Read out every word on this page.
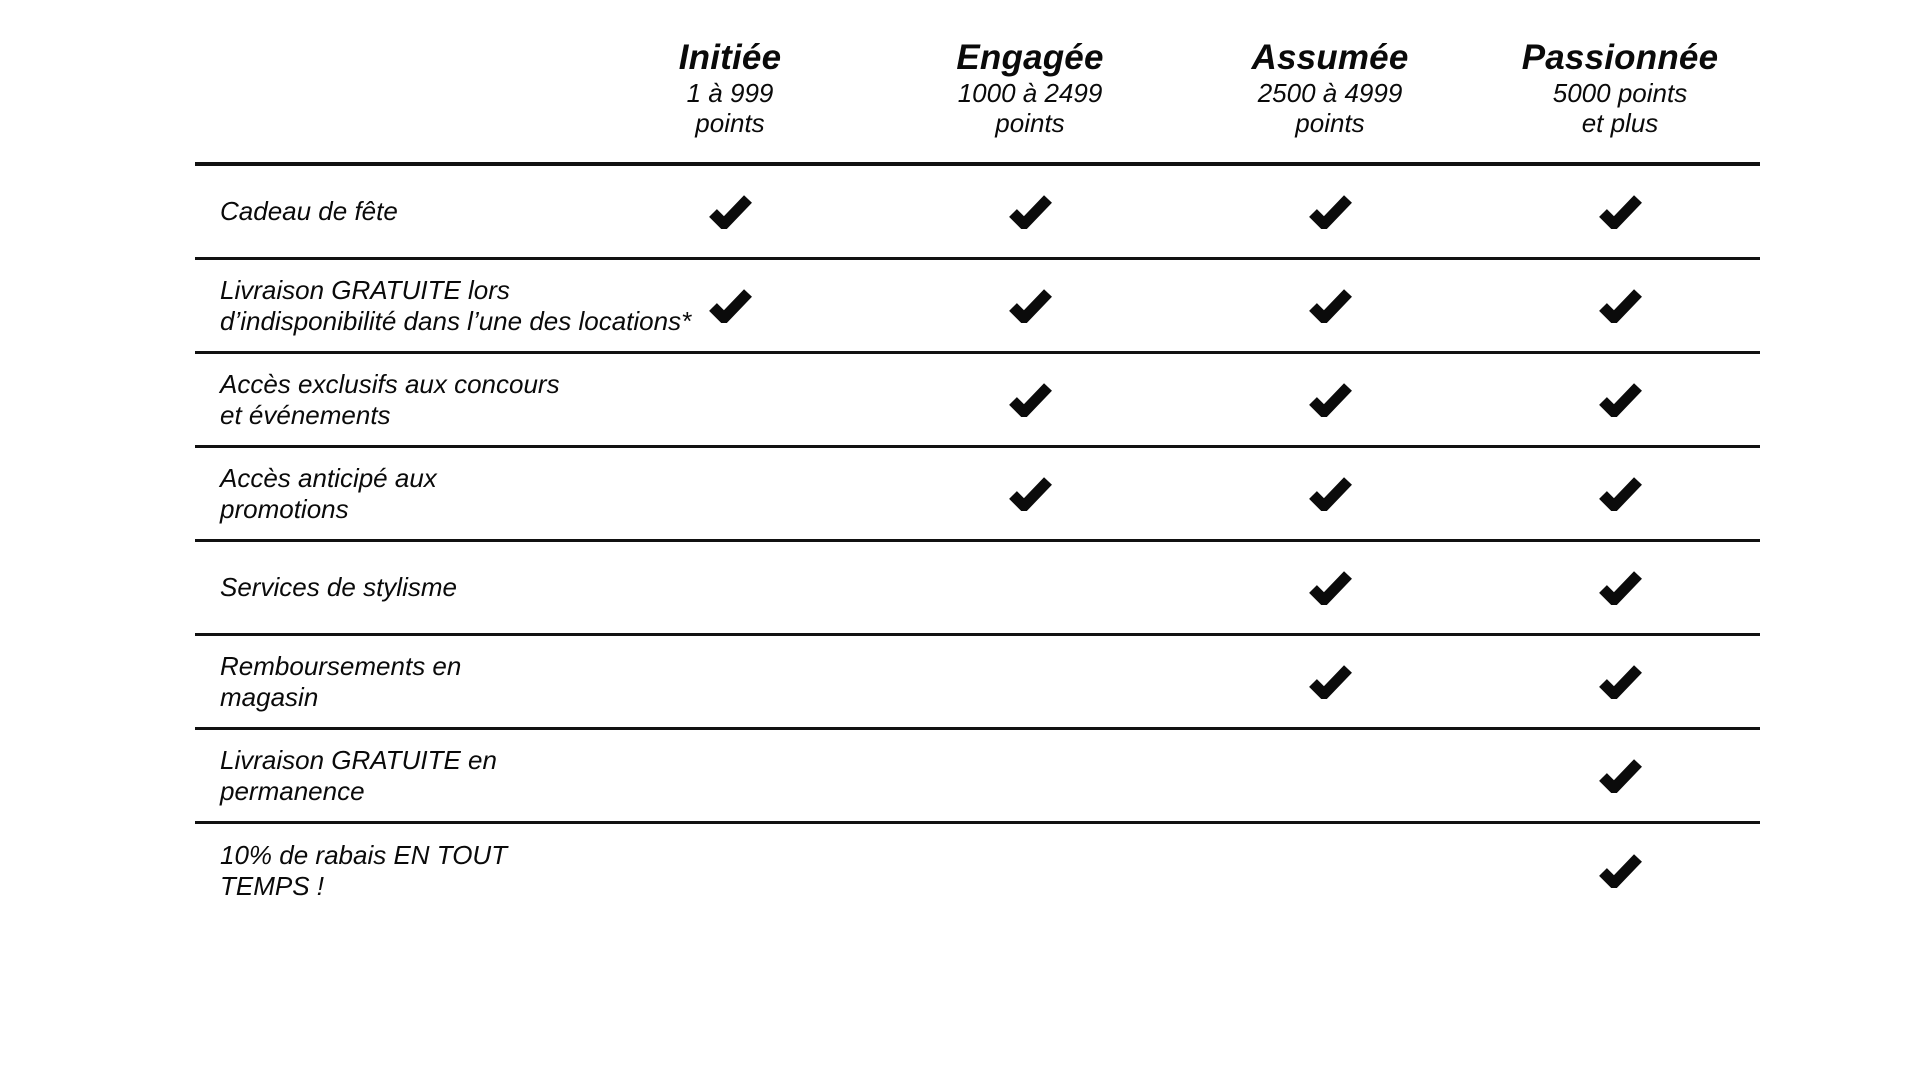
Initiée
1 à 999
points
Engagée
1000 à 2499
points
Assumée
2500 à 4999
points
Passionnée
5000 points
et plus
Cadeau de fête
Livraison GRATUITE lors
d’indisponibilité dans l’une des locations*
Accès exclusifs aux concours
et événements
Accès anticipé aux
promotions
Services de stylisme
Remboursements en
magasin
Livraison GRATUITE en
permanence
10% de rabais EN TOUT
TEMPS !
